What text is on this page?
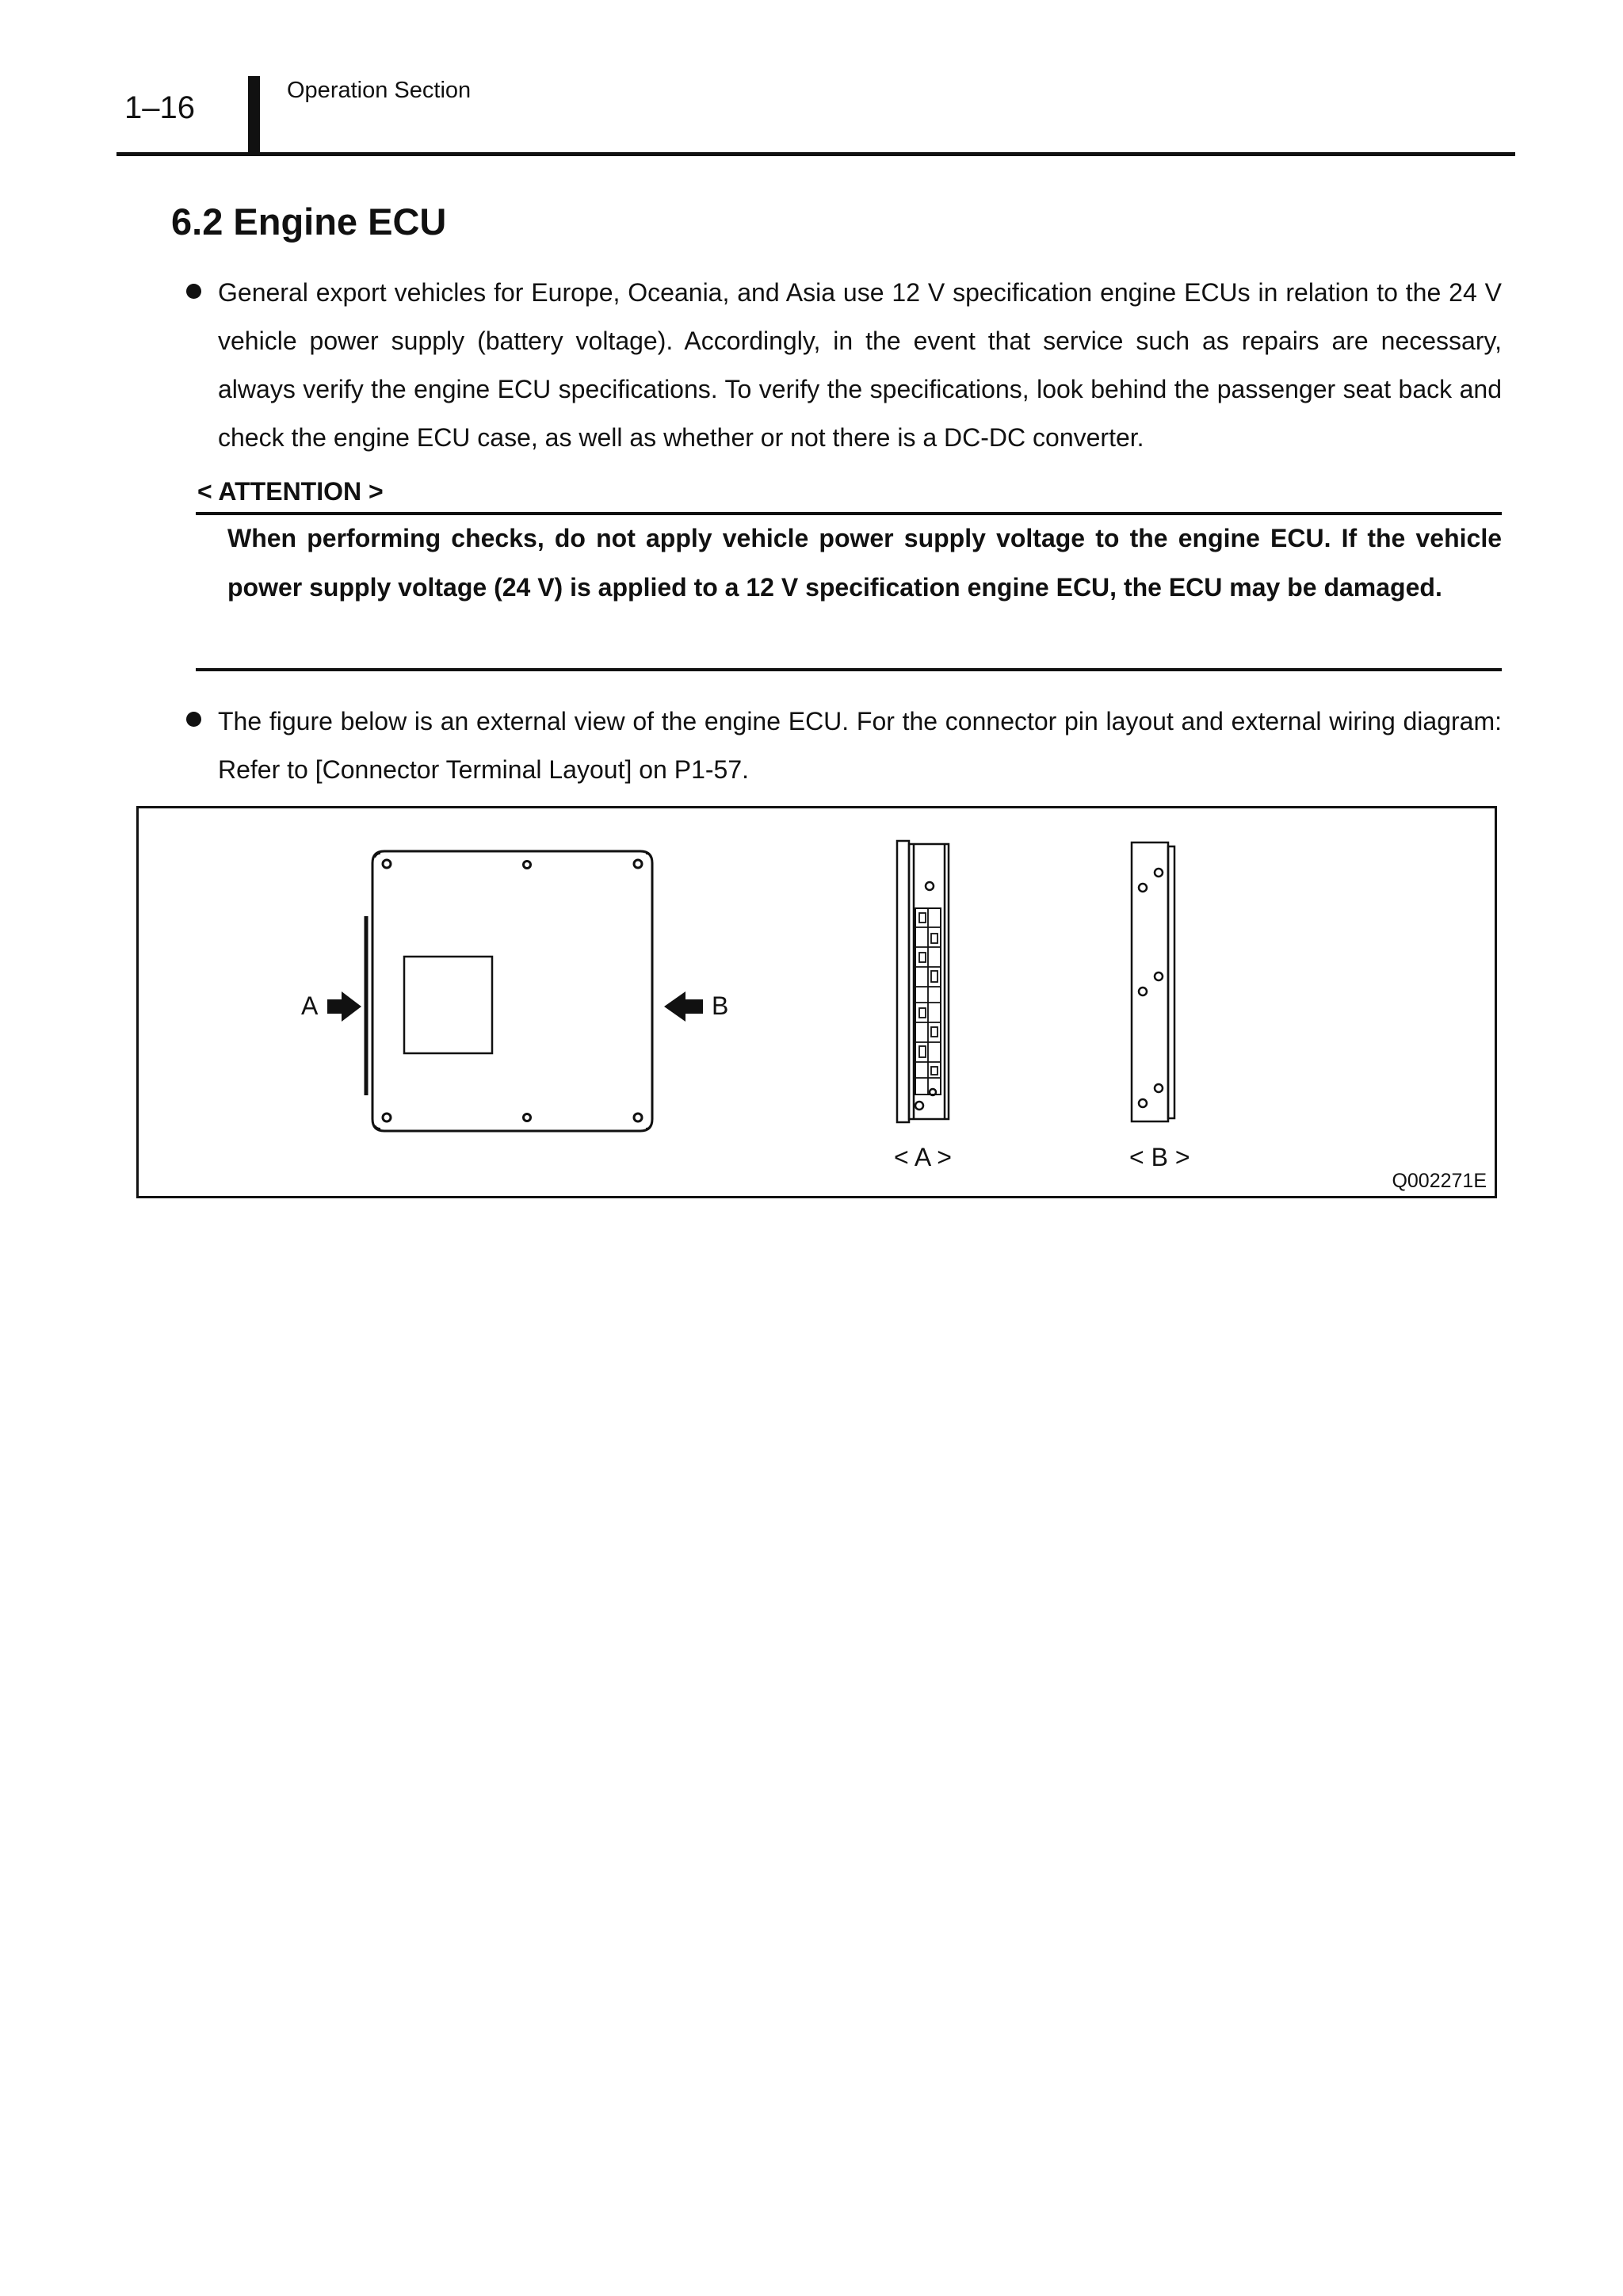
1–16	Operation Section
6.2 Engine ECU

General export vehicles for Europe, Oceania, and Asia use 12 V specification engine ECUs in relation to the 24 V vehicle power supply (battery voltage). Accordingly, in the event that service such as repairs are necessary, always verify the engine ECU specifications. To verify the specifications, look behind the passenger seat back and check the engine ECU case, as well as whether or not there is a DC-DC converter.

< ATTENTION >

When performing checks, do not apply vehicle power supply voltage to the engine ECU. If the vehicle power supply voltage (24 V) is applied to a 12 V specification engine ECU, the ECU may be damaged.

The figure below is an external view of the engine ECU. For the connector pin layout and external wiring diagram: Refer to [Connector Terminal Layout] on P1-57.

A	B
< A >	< B >
Q002271E
